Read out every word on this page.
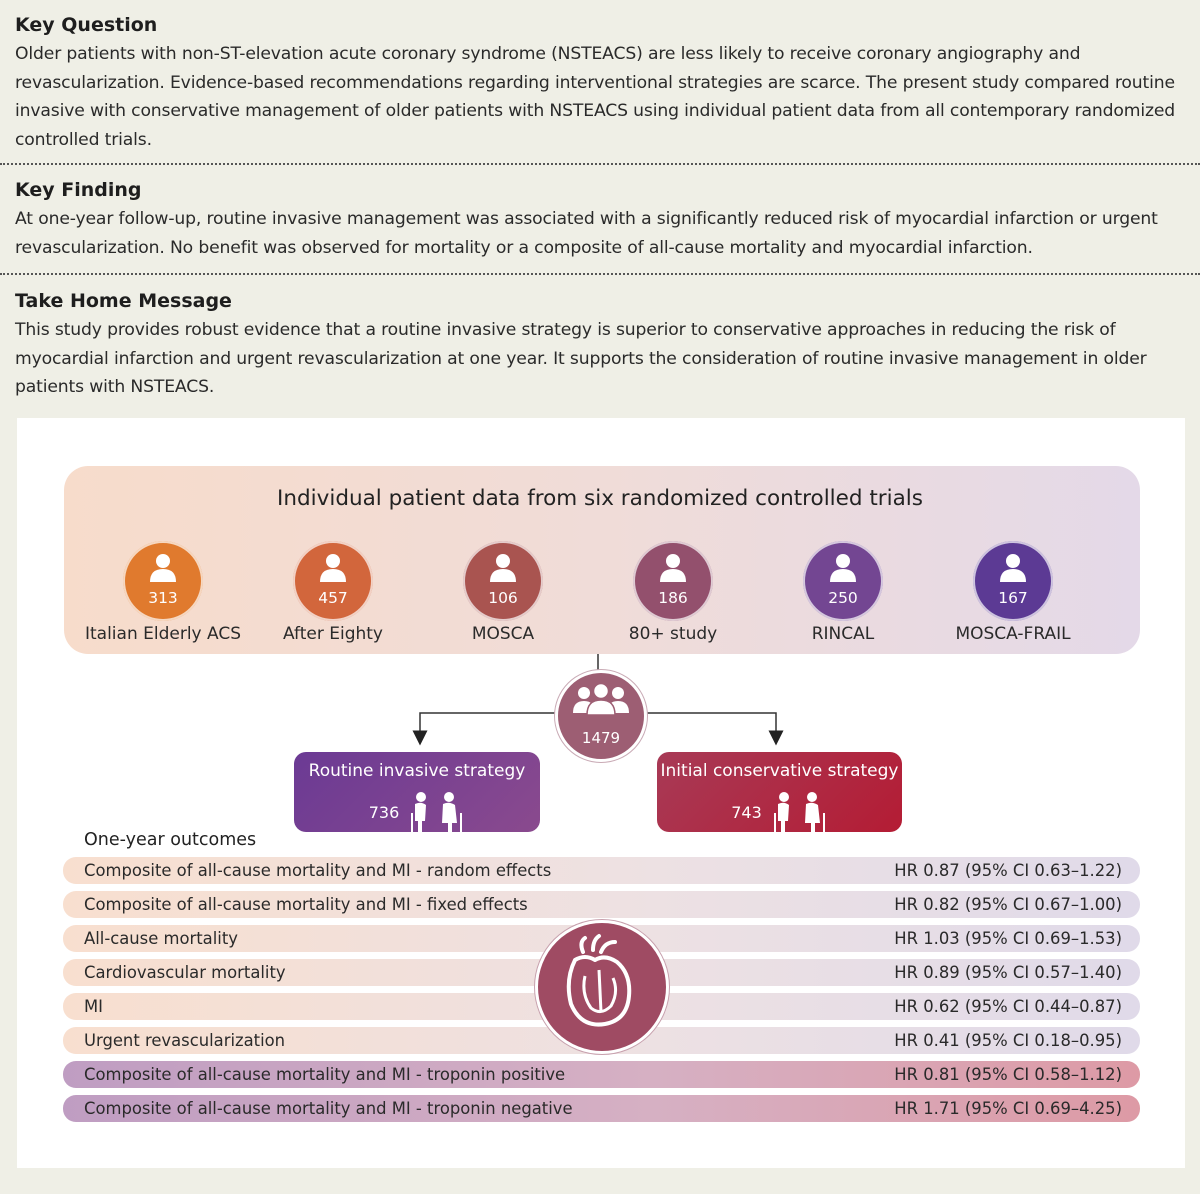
Key Question
Older patients with non-ST-elevation acute coronary syndrome (NSTEACS) are less likely to receive coronary angiography and revascularization. Evidence-based recommendations regarding interventional strategies are scarce. The present study compared routine invasive with conservative management of older patients with NSTEACS using individual patient data from all contemporary randomized controlled trials.
Key Finding
At one-year follow-up, routine invasive management was associated with a significantly reduced risk of myocardial infarction or urgent revascularization. No benefit was observed for mortality or a composite of all-cause mortality and myocardial infarction.
Take Home Message
This study provides robust evidence that a routine invasive strategy is superior to conservative approaches in reducing the risk of myocardial infarction and urgent revascularization at one year. It supports the consideration of routine invasive management in older patients with NSTEACS.
Individual patient data from six randomized controlled trials
313
Italian Elderly ACS
457
After Eighty
106
MOSCA
186
80+ study
250
RINCAL
167
MOSCA-FRAIL
1479
Routine invasive strategy
736
Initial conservative strategy
743
One-year outcomes
Composite of all-cause mortality and MI - random effects	HR 0.87 (95% CI 0.63–1.22)
Composite of all-cause mortality and MI - fixed effects	HR 0.82 (95% CI 0.67–1.00)
All-cause mortality	HR 1.03 (95% CI 0.69–1.53)
Cardiovascular mortality	HR 0.89 (95% CI 0.57–1.40)
MI	HR 0.62 (95% CI 0.44–0.87)
Urgent revascularization	HR 0.41 (95% CI 0.18–0.95)
Composite of all-cause mortality and MI - troponin positive	HR 0.81 (95% CI 0.58–1.12)
Composite of all-cause mortality and MI - troponin negative	HR 1.71 (95% CI 0.69–4.25)
